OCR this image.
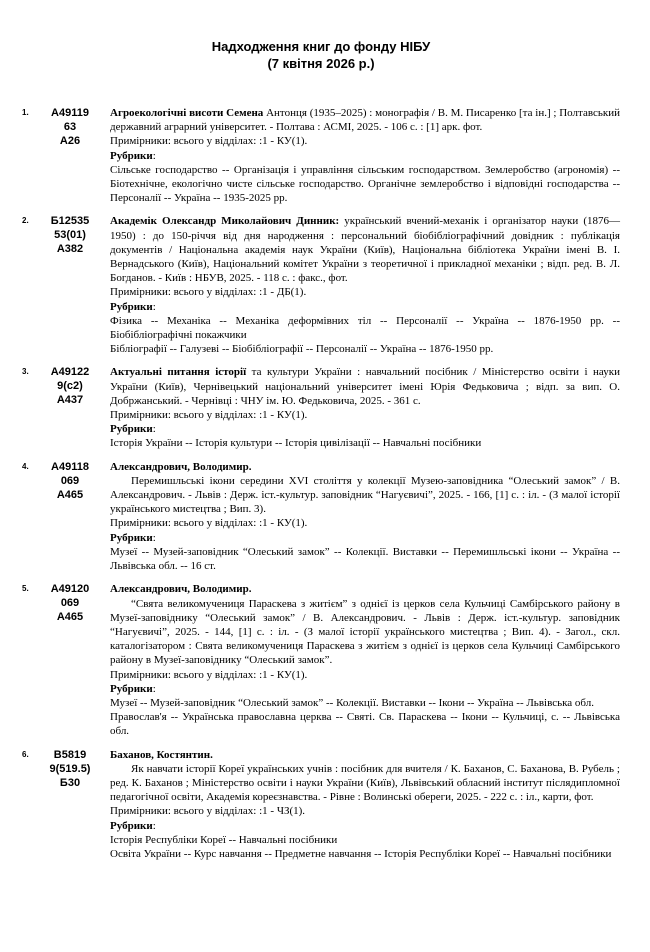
Надходження книг до фонду НІБУ
(7 квітня 2026 р.)
1.	А49119
63
А26

Агроекологічні висоти Семена Антонця (1935–2025) : монографія / В. М. Писаренко [та ін.] ; Полтавський державний аграрний університет. - Полтава : АСМІ, 2025. - 106 с. : [1] арк. фот.

Примірники: всього у відділах: :1 - КУ(1).

Рубрики:

Сільське господарство -- Організація і управління сільським господарством. Землеробство (агрономія) -- Біотехнічне, екологічно чисте сільське господарство. Органічне землеробство і відповідні господарства -- Персоналії -- Україна -- 1935-2025 рр.

2.	Б12535
53(01)
А382

Академік Олександр Миколайович Динник: український вчений-механік і організатор науки (1876—1950) : до 150-річчя від дня народження : персональний біобібліографічний довідник : публікація документів / Національна академія наук України (Київ), Національна бібліотека України імені В. І. Вернадського (Київ), Національний комітет України з теоретичної і прикладної механіки ; відп. ред. В. Л. Богданов. - Київ : НБУВ, 2025. - 118 с. : факс., фот.

Примірники: всього у відділах: :1 - ДБ(1).

Рубрики:

Фізика -- Механіка -- Механіка деформівних тіл -- Персоналії -- Україна -- 1876-1950 рр. -- Біобібліографічні покажчики

Бібліографії -- Галузеві -- Біобібліографії -- Персоналії -- Україна -- 1876-1950 рр.

3.	А49122
9(с2)
А437

Актуальні питання історії та культури України : навчальний посібник / Міністерство освіти і науки України (Київ), Чернівецький національний університет імені Юрія Федьковича ; відп. за вип. О. Добржанський. - Чернівці : ЧНУ ім. Ю. Федьковича, 2025. - 361 с.

Примірники: всього у відділах: :1 - КУ(1).

Рубрики:

Історія України -- Історія культури -- Історія цивілізації -- Навчальні посібники

4.	А49118
069
А465

Александрович, Володимир.

Перемишльські ікони середини XVI століття у колекції Музею-заповідника “Олеський замок” / В. Александрович. - Львів : Держ. іст.-культур. заповідник “Нагуєвичі”, 2025. - 166, [1] с. : іл. - (З малої історії українського мистецтва ; Вип. 3).

Примірники: всього у відділах: :1 - КУ(1).

Рубрики:

Музеї -- Музей-заповідник “Олеський замок” -- Колекції. Виставки -- Перемишльські ікони -- Україна -- Львівська обл. -- 16 ст.

5.	А49120
069
А465

Александрович, Володимир.

“Свята великомучениця Параскева з житієм” з однієї із церков села Кульчиці Самбірського району в Музеї-заповіднику “Олеський замок” / В. Александрович. - Львів : Держ. іст.-культур. заповідник “Нагуєвичі”, 2025. - 144, [1] с. : іл. - (З малої історії українського мистецтва ; Вип. 4). - Загол., скл. каталогізатором : Свята великомучениця Параскева з житієм з однієї із церков села Кульчиці Самбірського району в Музеї-заповіднику “Олеський замок”.

Примірники: всього у відділах: :1 - КУ(1).

Рубрики:

Музеї -- Музей-заповідник “Олеський замок” -- Колекції. Виставки -- Ікони -- Україна -- Львівська обл.

Православ'я -- Українська православна церква -- Святі. Св. Параскева -- Ікони -- Кульчиці, с. -- Львівська обл.

6.	В5819
9(519.5)
Б30

Баханов, Костянтин.

Як навчати історії Кореї українських учнів : посібник для вчителя / К. Баханов, С. Баханова, В. Рубель ; ред. К. Баханов ; Міністерство освіти і науки України (Київ), Львівський обласний інститут післядипломної педагогічної освіти, Академія кореєзнавства. - Рівне : Волинські обереги, 2025. - 222 с. : іл., карти, фот.

Примірники: всього у відділах: :1 - ЧЗ(1).

Рубрики:

Історія Республіки Кореї -- Навчальні посібники

Освіта України -- Курс навчання -- Предметне навчання -- Історія Республіки Кореї -- Навчальні посібники
